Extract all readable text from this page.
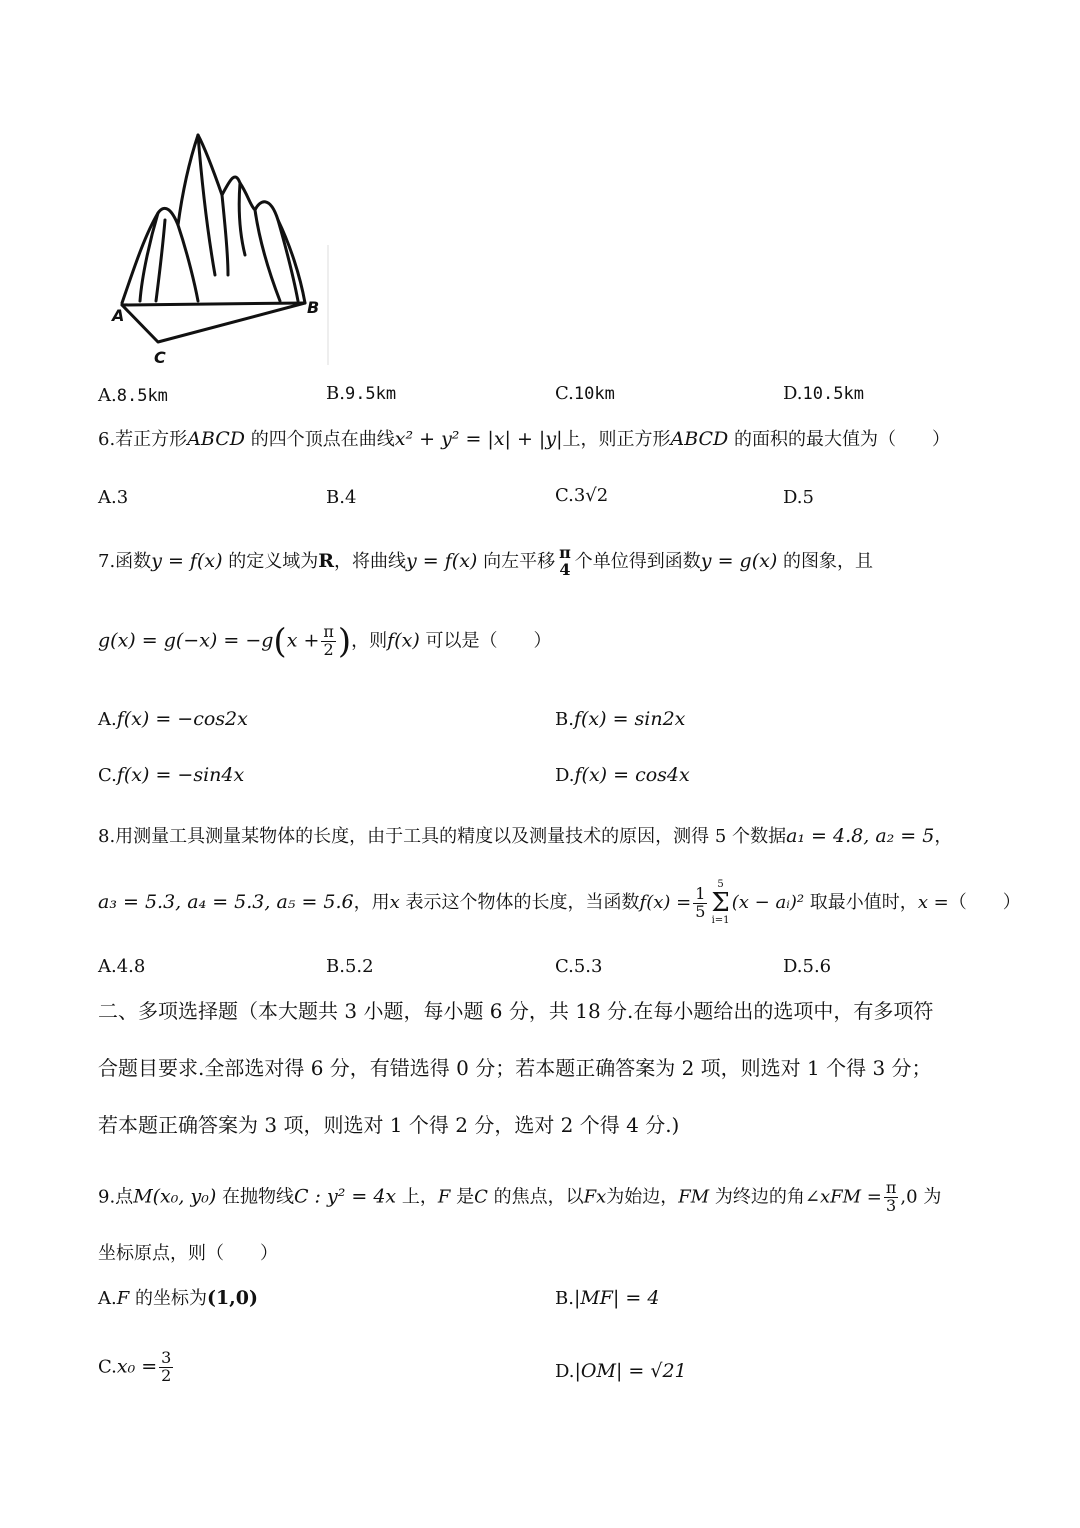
A	B
C
A.8.5km	B.9.5km	C.10km	D.10.5km
6.若正方形ABCD 的四个顶点在曲线x² + y² = |x| + |y|上，则正方形ABCD 的面积的最大值为（　　）
A.3	B.4	C.3√2	D.5
7.函数y = f(x) 的定义域为R，将曲线y = f(x) 向左平移 π
4 个单位得到函数y = g(x) 的图象，且
$g(x) = g(-x) = -g(x + \frac{\pi}{2}$ )，则f(x) 可以是（　　）
A.f(x) = −cos2x	B.f(x) = sin2x
C.f(x) = −sin4x	D.f(x) = cos4x
8.用测量工具测量某物体的长度，由于工具的精度以及测量技术的原因，测得 5 个数据a₁ = 4.8, a₂ = 5，
a₃ = 5.3, a₄ = 5.3, a₅ = 5.6，用x 表示这个物体的长度，当函数$f(x) = \frac{1}{5}$
5
Σ
i=1(x − aᵢ)² 取最小值时，x =（　　）
A.4.8	B.5.2	C.5.3	D.5.6
二、多项选择题（本大题共 3 小题，每小题 6 分，共 18 分.在每小题给出的选项中，有多项符
合题目要求.全部选对得 6 分，有错选得 0 分；若本题正确答案为 2 项，则选对 1 个得 3 分；
若本题正确答案为 3 项，则选对 1 个得 2 分，选对 2 个得 4 分.)
9.点M(x₀, y₀) 在抛物线C : y² = 4x 上，F 是C 的焦点，以Fx为始边，FM 为终边的角∠xFM = $\frac{\pi}{3} ,0$ 为
坐标原点，则（　　）
A.F 的坐标为(1,0)	B.|MF| = 4
$C.x_0 = \frac{3}{2}$	D.|OM| = √21
